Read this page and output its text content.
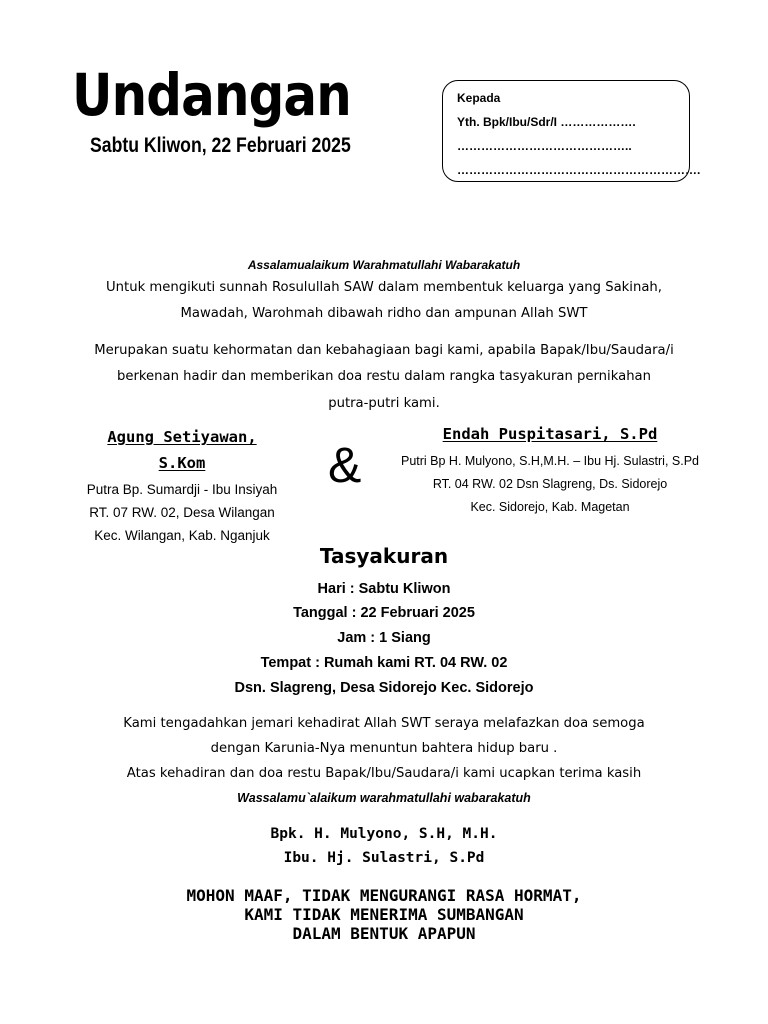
Undangan
Sabtu Kliwon, 22 Februari 2025
Kepada
Yth. Bpk/Ibu/Sdr/I ……………….
……………………………………..
…………………………………………………….
Assalamualaikum Warahmatullahi Wabarakatuh
Untuk mengikuti sunnah Rosulullah SAW dalam membentuk keluarga yang Sakinah,
Mawadah, Warohmah dibawah ridho dan ampunan Allah SWT
Merupakan suatu kehormatan dan kebahagiaan bagi kami, apabila Bapak/Ibu/Saudara/i
berkenan hadir dan memberikan doa restu dalam rangka tasyakuran pernikahan
putra-putri kami.
Agung Setiyawan,
S.Kom
Putra Bp. Sumardji - Ibu Insiyah
RT. 07 RW. 02, Desa Wilangan
Kec. Wilangan, Kab. Nganjuk
&
Endah Puspitasari, S.Pd
Putri Bp H. Mulyono, S.H,M.H. – Ibu Hj. Sulastri, S.Pd
RT. 04 RW. 02 Dsn Slagreng, Ds. Sidorejo
Kec. Sidorejo, Kab. Magetan
Tasyakuran
Hari : Sabtu Kliwon
Tanggal : 22 Februari 2025
Jam : 1 Siang
Tempat : Rumah kami RT. 04 RW. 02
Dsn. Slagreng, Desa Sidorejo Kec. Sidorejo
Kami tengadahkan jemari kehadirat Allah SWT seraya melafazkan doa semoga
dengan Karunia-Nya menuntun bahtera hidup baru .
Atas kehadiran dan doa restu Bapak/Ibu/Saudara/i kami ucapkan terima kasih
Wassalamu`alaikum warahmatullahi wabarakatuh
Bpk. H. Mulyono, S.H, M.H.
Ibu. Hj. Sulastri, S.Pd
MOHON MAAF, TIDAK MENGURANGI RASA HORMAT,
KAMI TIDAK MENERIMA SUMBANGAN
DALAM BENTUK APAPUN
